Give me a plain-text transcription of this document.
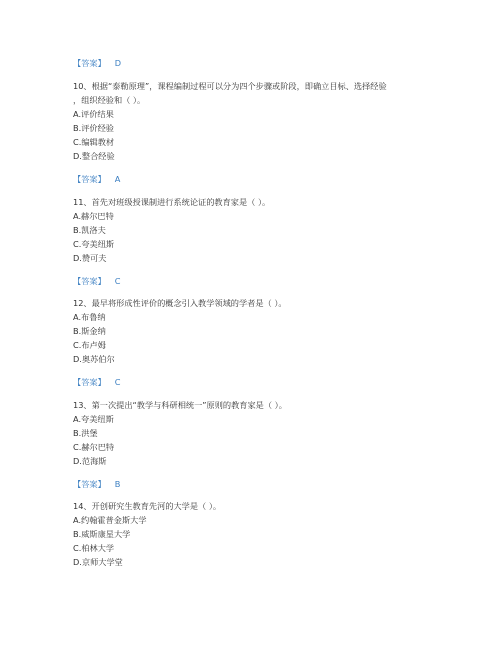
【答案】 D
10、根据“泰勒原理”，课程编制过程可以分为四个步骤或阶段，即确立目标、选择经验
，组织经验和（ ）。
A.评价结果
B.评价经验
C.编辑教材
D.整合经验
【答案】 A
11、首先对班级授课制进行系统论证的教育家是（ ）。
A.赫尔巴特
B.凯洛夫
C.夸美纽斯
D.赞可夫
【答案】 C
12、最早将形成性评价的概念引入教学领域的学者是（ ）。
A.布鲁纳
B.斯金纳
C.布卢姆
D.奥苏伯尔
【答案】 C
13、第一次提出“教学与科研相统一”原则的教育家是（ ）。
A.夸美纽斯
B.洪堡
C.赫尔巴特
D.范海斯
【答案】 B
14、开创研究生教育先河的大学是（ ）。
A.约翰霍普金斯大学
B.威斯康星大学
C.柏林大学
D.京师大学堂
